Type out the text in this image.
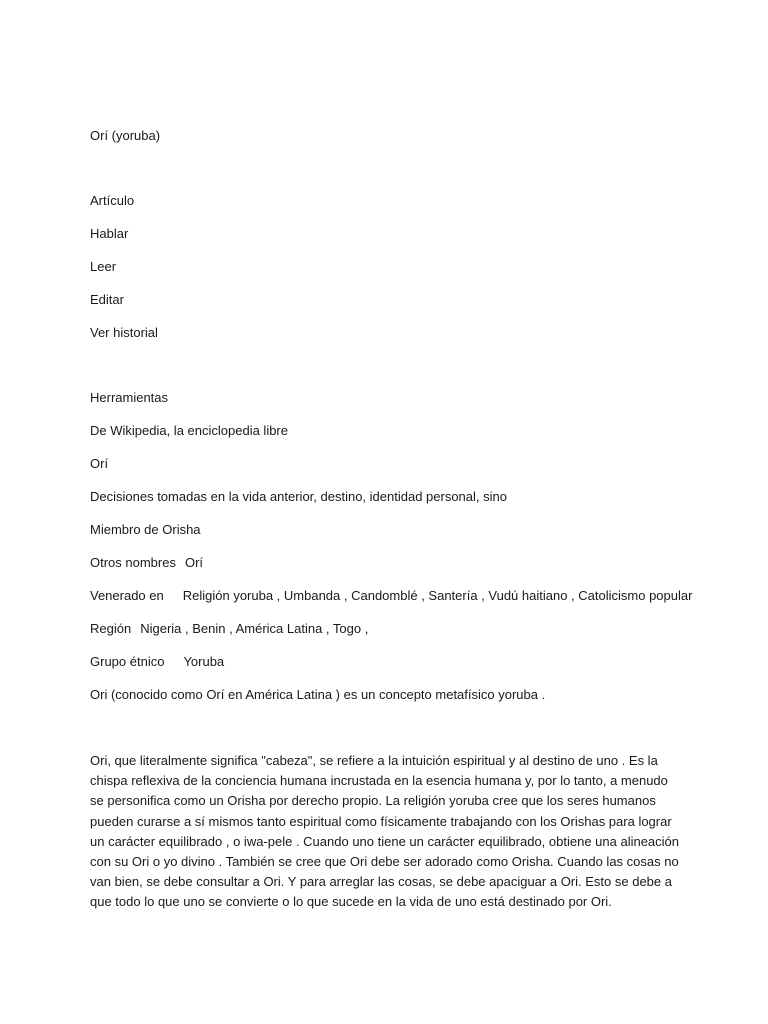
Orí (yoruba)
Artículo
Hablar
Leer
Editar
Ver historial
Herramientas
De Wikipedia, la enciclopedia libre
Orí
Decisiones tomadas en la vida anterior, destino, identidad personal, sino
Miembro de Orisha
Otros nombres Orí
Venerado en Religión yoruba , Umbanda , Candomblé , Santería , Vudú haitiano , Catolicismo popular
Región Nigeria , Benin , América Latina , Togo ,
Grupo étnico Yoruba
Ori (conocido como Orí en América Latina ) es un concepto metafísico yoruba .
Ori, que literalmente significa "cabeza", se refiere a la intuición espiritual y al destino de uno . Es la chispa reflexiva de la conciencia humana incrustada en la esencia humana y, por lo tanto, a menudo se personifica como un Orisha por derecho propio. La religión yoruba cree que los seres humanos pueden curarse a sí mismos tanto espiritual como físicamente trabajando con los Orishas para lograr un carácter equilibrado , o iwa-pele . Cuando uno tiene un carácter equilibrado, obtiene una alineación con su Ori o yo divino . También se cree que Ori debe ser adorado como Orisha. Cuando las cosas no van bien, se debe consultar a Ori. Y para arreglar las cosas, se debe apaciguar a Ori. Esto se debe a que todo lo que uno se convierte o lo que sucede en la vida de uno está destinado por Ori.
